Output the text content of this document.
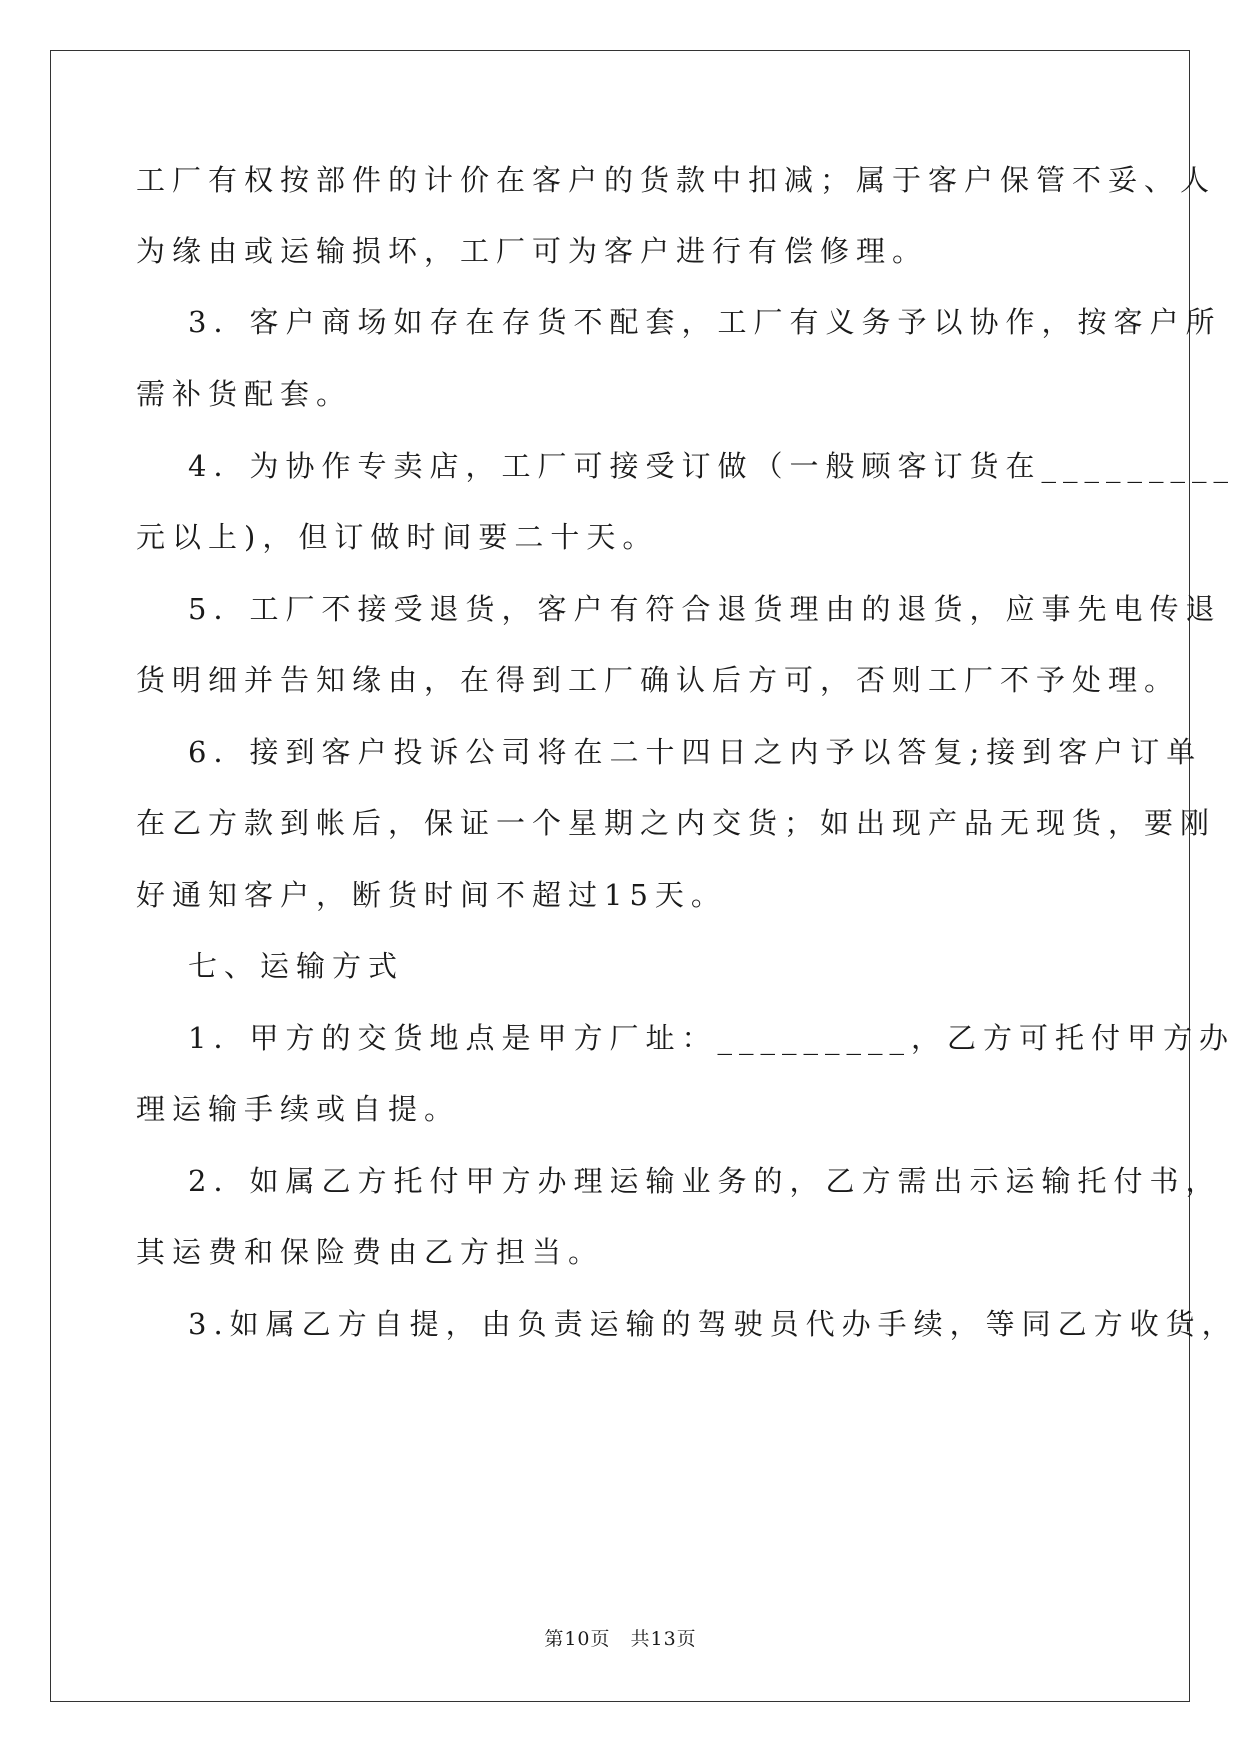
工厂有权按部件的计价在客户的货款中扣减；属于客户保管不妥、人
为缘由或运输损坏，工厂可为客户进行有偿修理。
3．客户商场如存在存货不配套，工厂有义务予以协作，按客户所
需补货配套。
4．为协作专卖店，工厂可接受订做（一般顾客订货在_________
元以上)，但订做时间要二十天。
5．工厂不接受退货，客户有符合退货理由的退货，应事先电传退
货明细并告知缘由，在得到工厂确认后方可，否则工厂不予处理。
6．接到客户投诉公司将在二十四日之内予以答复;接到客户订单
在乙方款到帐后，保证一个星期之内交货；如出现产品无现货，要刚
好通知客户，断货时间不超过15天。
七、运输方式
1．甲方的交货地点是甲方厂址：_________，乙方可托付甲方办
理运输手续或自提。
2．如属乙方托付甲方办理运输业务的，乙方需出示运输托付书，
其运费和保险费由乙方担当。
3.如属乙方自提，由负责运输的驾驶员代办手续，等同乙方收货，
第10页　共13页
